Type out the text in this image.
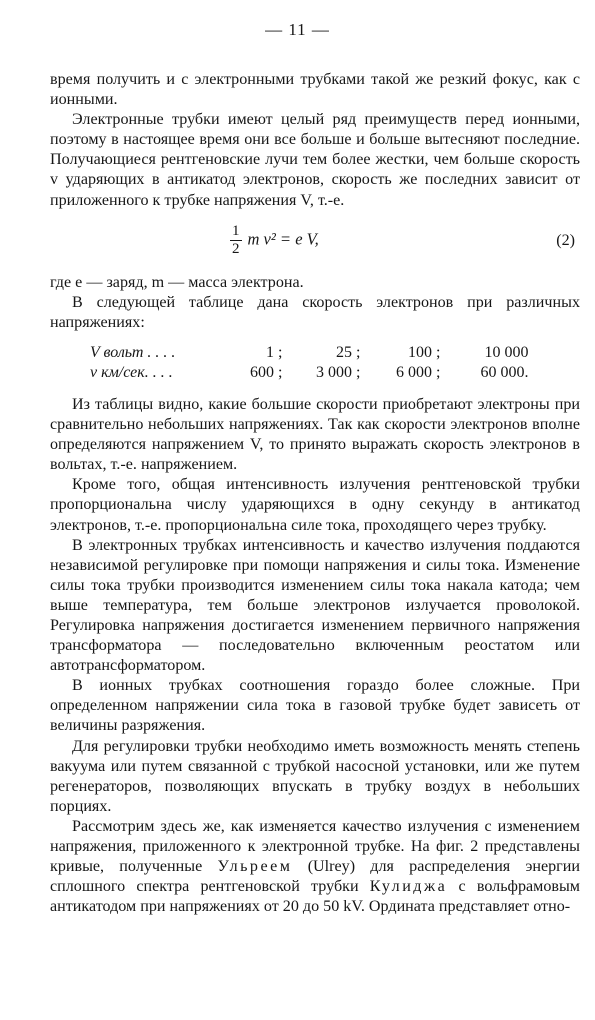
— 11 —

время получить и с электронными трубками такой же резкий фокус, как с ионными.

Электронные трубки имеют целый ряд преимуществ перед ионными, поэтому в настоящее время они все больше и больше вытесняют последние. Получающиеся рентгеновские лучи тем более жестки, чем больше скорость v ударяющих в антикатод электронов, скорость же последних зависит от приложенного к трубке напряжения V, т.-е.

$\frac{1}{2}$ m v² = e V,	(2)

где e — заряд, m — масса электрона.

В следующей таблице дана скорость электронов при различных напряжениях:

V вольт . . . .	1 ;	25 ;	100 ;	10 000
v км/сек. . . .	600 ;	3 000 ;	6 000 ;	60 000.

Из таблицы видно, какие большие скорости приобретают электроны при сравнительно небольших напряжениях. Так как скорости электронов вполне определяются напряжением V, то принято выражать скорость электронов в вольтах, т.-е. напряжением.

Кроме того, общая интенсивность излучения рентгеновской трубки пропорциональна числу ударяющихся в одну секунду в антикатод электронов, т.-е. пропорциональна силе тока, проходящего через трубку.

В электронных трубках интенсивность и качество излучения поддаются независимой регулировке при помощи напряжения и силы тока. Изменение силы тока трубки производится изменением силы тока накала катода; чем выше температура, тем больше электронов излучается проволокой. Регулировка напряжения достигается изменением первичного напряжения трансформатора — последовательно включенным реостатом или автотрансформатором.

В ионных трубках соотношения гораздо более сложные. При определенном напряжении сила тока в газовой трубке будет зависеть от величины разряжения.

Для регулировки трубки необходимо иметь возможность менять степень вакуума или путем связанной с трубкой насосной установки, или же путем регенераторов, позволяющих впускать в трубку воздух в небольших порциях.

Рассмотрим здесь же, как изменяется качество излучения с изменением напряжения, приложенного к электронной трубке. На фиг. 2 представлены кривые, полученные Ульреем (Ulrey) для распределения энергии сплошного спектра рентгеновской трубки Кулиджа с вольфрамовым антикатодом при напряжениях от 20 до 50 kV. Ордината представляет отно-
